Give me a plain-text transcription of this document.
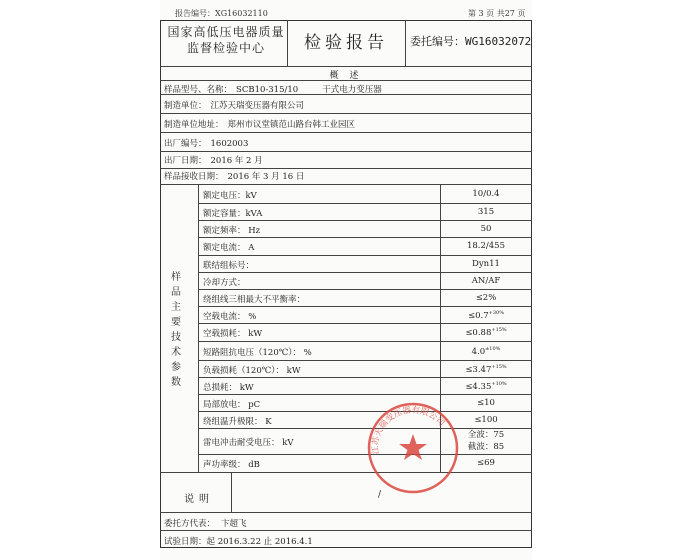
报告编号：XG16032110	第 3 页 共27 页
国家高低压电器质量
监督检验中心	检验报告	委托编号：WG16032072
概 述
样品型号、名称： SCB10-315/10	干式电力变压器
制造单位： 江苏天瑞变压器有限公司
制造单位地址： 郑州市议堂镇范山路台韩工业园区
出厂编号： 1602003
出厂日期： 2016 年 2 月
样品接收日期： 2016 年 3 月 16 日
样
品
主
要
技
术
参
数
额定电压：kV	10/0.4
额定容量：kVA	315
额定频率： Hz	50
额定电流： A	18.2/455
联结组标号：	Dyn11
冷却方式：	AN/AF
绕组线三相最大不平衡率：	≤2%
空载电流： %	$\le 0.7^{+30\%}$
空载损耗： kW	$\le 0.88^{+15\%}$
短路阻抗电压（120℃）： %	$4.0^{\pm 10\%}$
负载损耗（120℃）： kW	$\le 3.47^{+15\%}$
总损耗： kW	$\le 4.35^{+10\%}$
局部放电： pC	≤10
绕组温升极限： K	≤100
雷电冲击耐受电压： kV
全波：75
截波：85
声功率级： dB	≤69
说明	/
委托方代表： 卞超飞
试验日期：起 2016.3.22 止 2016.4.1
江苏天瑞变压器有限公司
